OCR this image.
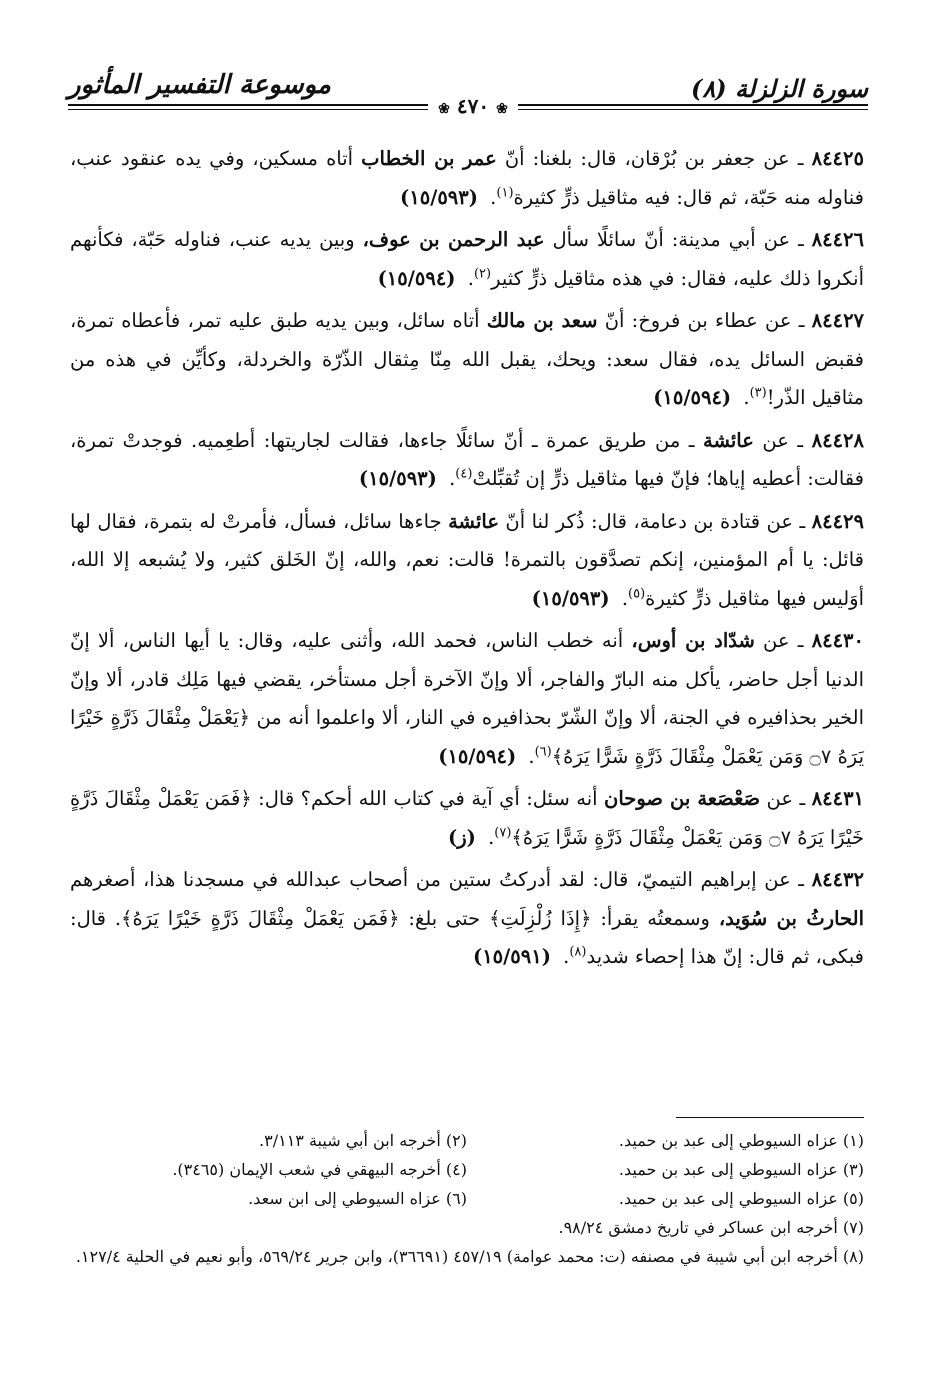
سورة الزلزلة (٨)
موسوعة التفسير المأثور
❀ ٤٧٠ ❀

٨٤٤٢٥ ـ عن جعفر بن بُرْقان، قال: بلغنا: أنّ عمر بن الخطاب أتاه مسكين، وفي يده عنقود عنب، فناوله منه حَبّة، ثم قال: فيه مثاقيل ذرٍّ كثيرة$^{(١)}$. (١٥/٥٩٣)

٨٤٤٢٦ ـ عن أبي مدينة: أنّ سائلًا سأل عبد الرحمن بن عوف، وبين يديه عنب، فناوله حَبّة، فكأنهم أنكروا ذلك عليه، فقال: في هذه مثاقيل ذرٍّ كثير$^{(٢)}$. (١٥/٥٩٤)

٨٤٤٢٧ ـ عن عطاء بن فروخ: أنّ سعد بن مالك أتاه سائل، وبين يديه طبق عليه تمر، فأعطاه تمرة، فقبض السائل يده، فقال سعد: ويحك، يقبل الله مِنّا مِثقال الذّرّة والخردلة، وكأيِّن في هذه من مثاقيل الذّر!$^{(٣)}$. (١٥/٥٩٤)

٨٤٤٢٨ ـ عن عائشة ـ من طريق عمرة ـ أنّ سائلًا جاءها، فقالت لجاريتها: أطعِميه. فوجدتْ تمرة، فقالت: أعطيه إياها؛ فإنّ فيها مثاقيل ذرٍّ إن تُقبِّلتْ$^{(٤)}$. (١٥/٥٩٣)

٨٤٤٢٩ ـ عن قتادة بن دعامة، قال: ذُكر لنا أنّ عائشة جاءها سائل، فسأل، فأمرتْ له بتمرة، فقال لها قائل: يا أم المؤمنين، إنكم تصدَّقون بالتمرة! قالت: نعم، والله، إنّ الخَلق كثير، ولا يُشبعه إلا الله، أوَليس فيها مثاقيل ذرٍّ كثيرة$^{(٥)}$. (١٥/٥٩٣)

٨٤٤٣٠ ـ عن شدّاد بن أوس، أنه خطب الناس، فحمد الله، وأثنى عليه، وقال: يا أيها الناس، ألا إنّ الدنيا أجل حاضر، يأكل منه البارّ والفاجر، ألا وإنّ الآخرة أجل مستأخر، يقضي فيها مَلِك قادر، ألا وإنّ الخير بحذافيره في الجنة، ألا وإنّ الشّرّ بحذافيره في النار، ألا واعلموا أنه من ﴿يَعْمَلْ مِثْقَالَ ذَرَّةٍ خَيْرًا يَرَهُ ۝٧ وَمَن يَعْمَلْ مِثْقَالَ ذَرَّةٍ شَرًّا يَرَهُ﴾$^{(٦)}$. (١٥/٥٩٤)

٨٤٤٣١ ـ عن صَعْصَعة بن صوحان أنه سئل: أي آية في كتاب الله أحكم؟ قال: ﴿فَمَن يَعْمَلْ مِثْقَالَ ذَرَّةٍ خَيْرًا يَرَهُ ۝٧ وَمَن يَعْمَلْ مِثْقَالَ ذَرَّةٍ شَرًّا يَرَهُ﴾$^{(٧)}$. (ز)

٨٤٤٣٢ ـ عن إبراهيم التيميّ، قال: لقد أدركتُ ستين من أصحاب عبدالله في مسجدنا هذا، أصغرهم الحارثُ بن سُوَيد، وسمعتُه يقرأ: ﴿إِذَا زُلْزِلَتِ﴾ حتى بلغ: ﴿فَمَن يَعْمَلْ مِثْقَالَ ذَرَّةٍ خَيْرًا يَرَهُ﴾. قال: فبكى، ثم قال: إنّ هذا إحصاء شديد$^{(٨)}$. (١٥/٥٩١)

(١) عزاه السيوطي إلى عبد بن حميد.
(٢) أخرجه ابن أبي شيبة ٣/١١٣.
(٣) عزاه السيوطي إلى عبد بن حميد.
(٤) أخرجه البيهقي في شعب الإيمان (٣٤٦٥).
(٥) عزاه السيوطي إلى عبد بن حميد.
(٦) عزاه السيوطي إلى ابن سعد.
(٧) أخرجه ابن عساكر في تاريخ دمشق ٩٨/٢٤.
(٨) أخرجه ابن أبي شيبة في مصنفه (ت: محمد عوامة) ٤٥٧/١٩ (٣٦٦٩١)، وابن جرير ٥٦٩/٢٤، وأبو نعيم في الحلية ١٢٧/٤.
